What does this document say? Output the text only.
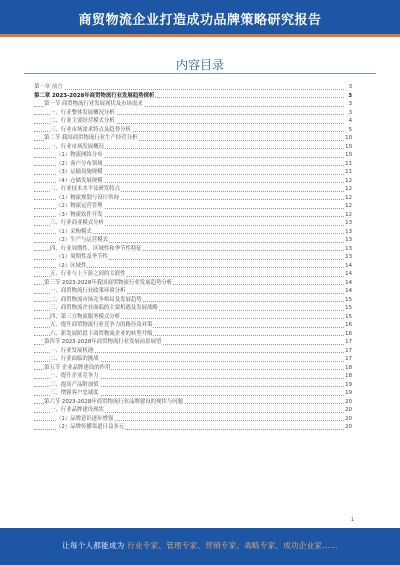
商贸物流企业打造成功品牌策略研究报告
内容目录
第一章 前言	3
第二章 2023-2028年商贸物流行业发展趋势探析	3
第一节 商贸物流行业发展现状及市场需求	3
一、行业整体发展概况分析	3
二、行业主要经营模式分析	4
三、行业市场需求特点及趋势分析	5
第二节 我国商贸物流行业生产经营分析	10
一、行业市场发展概况	10
（1）物流网络分布	10
（2）客户分布领域	11
（3）运输设施规模	11
（4）仓储发展规模	12
二、行业技术水平及研发特点	12
（1）物流规划与设计咨询	12
（2）物流运营管理	12
（3）物流软件开发	12
三、行业商业模式分析	13
（1）采购模式	13
（2）生产与运营模式	13
四、行业周期性、区域性和季节性特征	13
（1）周期性及季节性	13
（2）区域性	14
五、行业与上下游之间的关联性	14
第三节 2023-2028年我国商贸物流行业发展趋势分析	14
一、商贸物流行业政策环境分析	14
二、商贸物流市场竞争格局及发展趋势	15
三、商贸物流企业面临的主要机遇及发展战略	15
四、第三方物流服务模式分析	15
五、提升商贸物流行业竞争力的路径及对策	16
六、新发展阶段下商贸物流企业的转型升级	16
第四节 2023-2028年商贸物流行业发展前景展望	17
一、行业发展机遇	17
二、行业面临的挑战	17
第五节 企业品牌建设的作用	18
一、提升企业竞争力	18
二、提高产品附加值	19
三、增强客户忠诚度	19
第六节 2023-2028年商贸物流行业品牌建设的现状与问题	20
一、行业品牌建设现状	20
（1）品牌意识逐步增强	20
（2）品牌传播渠道日益多元	20
1
让每个人都能成为 行业专家、管理专家、营销专家、战略专家、成功企业家……
